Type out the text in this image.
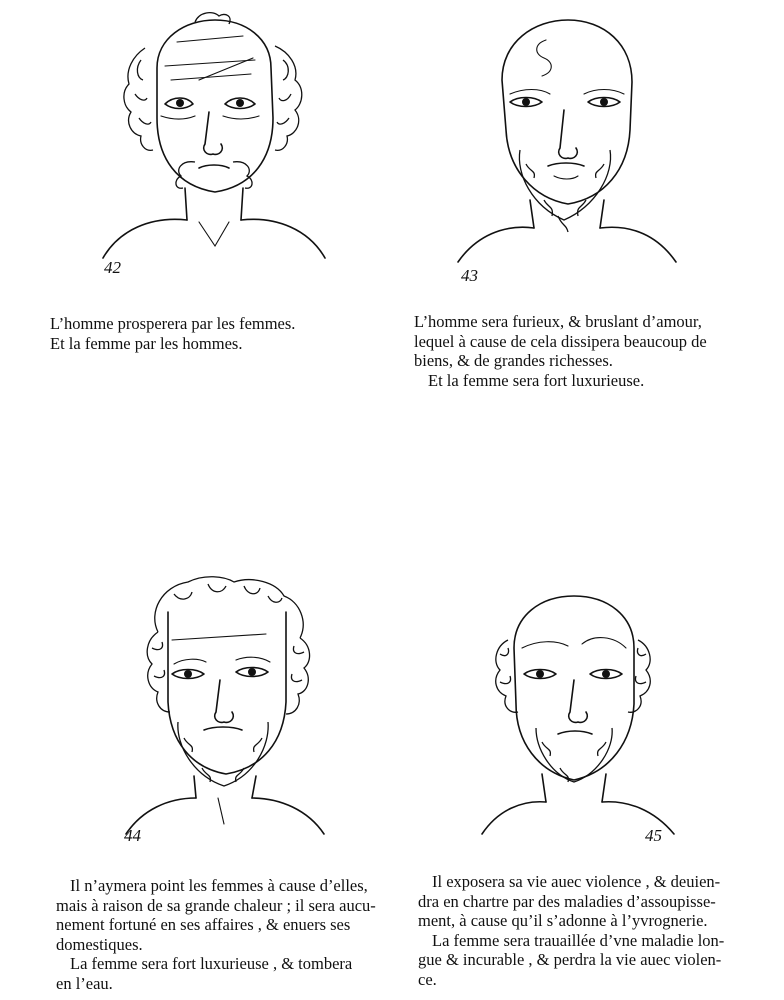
42

L’homme prosperera par les femmes.

Et la femme par les hommes.

43

L’homme sera furieux, & bruslant d’amour,

lequel à cause de cela dissipera beaucoup de

biens, & de grandes richesses.

Et la femme sera fort luxurieuse.

44

Il n’aymera point les femmes à cause d’elles,

mais à raison de sa grande chaleur ; il sera aucu-

nement fortuné en ses affaires , & enuers ses

domestiques.

La femme sera fort luxurieuse , & tombera

en l’eau.

45

Il exposera sa vie auec violence , & deuien-

dra en chartre par des maladies d’assoupisse-

ment, à cause qu’il s’adonne à l’yvrognerie.

La femme sera trauaillée d’vne maladie lon-

gue & incurable , & perdra la vie auec violen-

ce.
